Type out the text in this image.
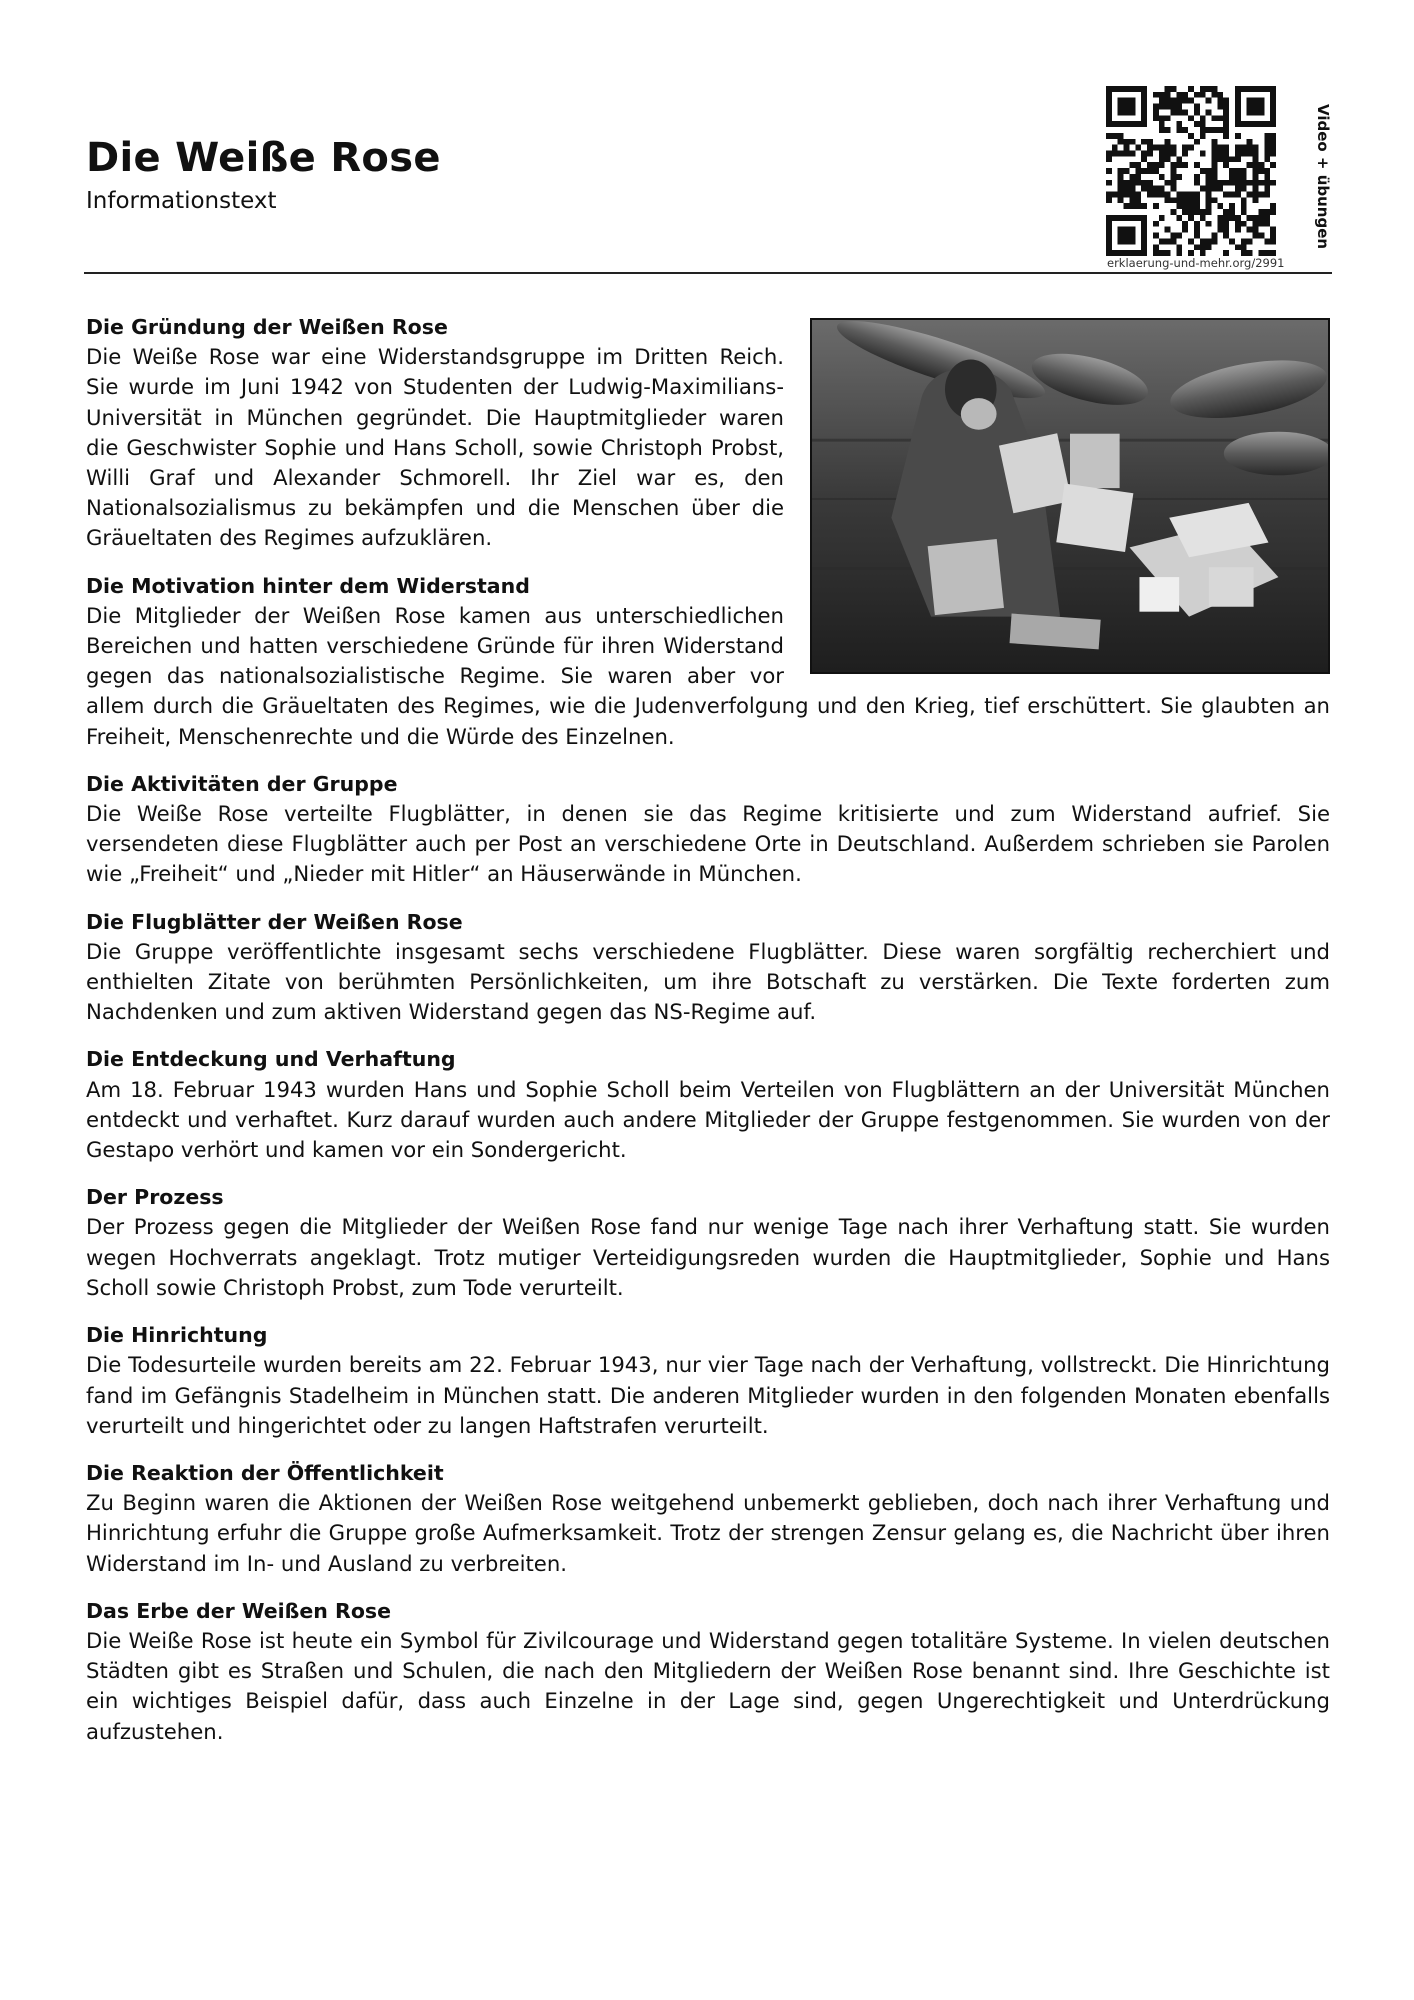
Die Weiße Rose
Informationstext
erklaerung-und-mehr.org/2991
Video + übungen
Die Gründung der Weißen Rose

Die Weiße Rose war eine Widerstandsgruppe im Dritten Reich. Sie wurde im Juni 1942 von Studenten der Ludwig-Maximilians-Universität in München gegründet. Die Hauptmitglieder waren die Geschwister Sophie und Hans Scholl, sowie Christoph Probst, Willi Graf und Alexander Schmorell. Ihr Ziel war es, den Nationalsozialismus zu bekämpfen und die Menschen über die Gräueltaten des Regimes aufzuklären.

Die Motivation hinter dem Widerstand

Die Mitglieder der Weißen Rose kamen aus unterschiedlichen Bereichen und hatten verschiedene Gründe für ihren Widerstand gegen das nationalsozialistische Regime. Sie waren aber vor allem durch die Gräueltaten des Regimes, wie die Judenverfolgung und den Krieg, tief erschüttert. Sie glaubten an Freiheit, Menschenrechte und die Würde des Einzelnen.

Die Aktivitäten der Gruppe

Die Weiße Rose verteilte Flugblätter, in denen sie das Regime kritisierte und zum Widerstand aufrief. Sie versendeten diese Flugblätter auch per Post an verschiedene Orte in Deutschland. Außerdem schrieben sie Parolen wie „Freiheit“ und „Nieder mit Hitler“ an Häuserwände in München.

Die Flugblätter der Weißen Rose

Die Gruppe veröffentlichte insgesamt sechs verschiedene Flugblätter. Diese waren sorgfältig recherchiert und enthielten Zitate von berühmten Persönlichkeiten, um ihre Botschaft zu verstärken. Die Texte forderten zum Nachdenken und zum aktiven Widerstand gegen das NS-Regime auf.

Die Entdeckung und Verhaftung

Am 18. Februar 1943 wurden Hans und Sophie Scholl beim Verteilen von Flugblättern an der Universität München entdeckt und verhaftet. Kurz darauf wurden auch andere Mitglieder der Gruppe festgenommen. Sie wurden von der Gestapo verhört und kamen vor ein Sondergericht.

Der Prozess

Der Prozess gegen die Mitglieder der Weißen Rose fand nur wenige Tage nach ihrer Verhaftung statt. Sie wurden wegen Hochverrats angeklagt. Trotz mutiger Verteidigungsreden wurden die Hauptmitglieder, Sophie und Hans Scholl sowie Christoph Probst, zum Tode verurteilt.

Die Hinrichtung

Die Todesurteile wurden bereits am 22. Februar 1943, nur vier Tage nach der Verhaftung, vollstreckt. Die Hinrichtung fand im Gefängnis Stadelheim in München statt. Die anderen Mitglieder wurden in den folgenden Monaten ebenfalls verurteilt und hingerichtet oder zu langen Haftstrafen verurteilt.

Die Reaktion der Öffentlichkeit

Zu Beginn waren die Aktionen der Weißen Rose weitgehend unbemerkt geblieben, doch nach ihrer Verhaftung und Hinrichtung erfuhr die Gruppe große Aufmerksamkeit. Trotz der strengen Zensur gelang es, die Nachricht über ihren Widerstand im In- und Ausland zu verbreiten.

Das Erbe der Weißen Rose

Die Weiße Rose ist heute ein Symbol für Zivilcourage und Widerstand gegen totalitäre Systeme. In vielen deutschen Städten gibt es Straßen und Schulen, die nach den Mitgliedern der Weißen Rose benannt sind. Ihre Geschichte ist ein wichtiges Beispiel dafür, dass auch Einzelne in der Lage sind, gegen Ungerechtigkeit und Unterdrückung aufzustehen.
